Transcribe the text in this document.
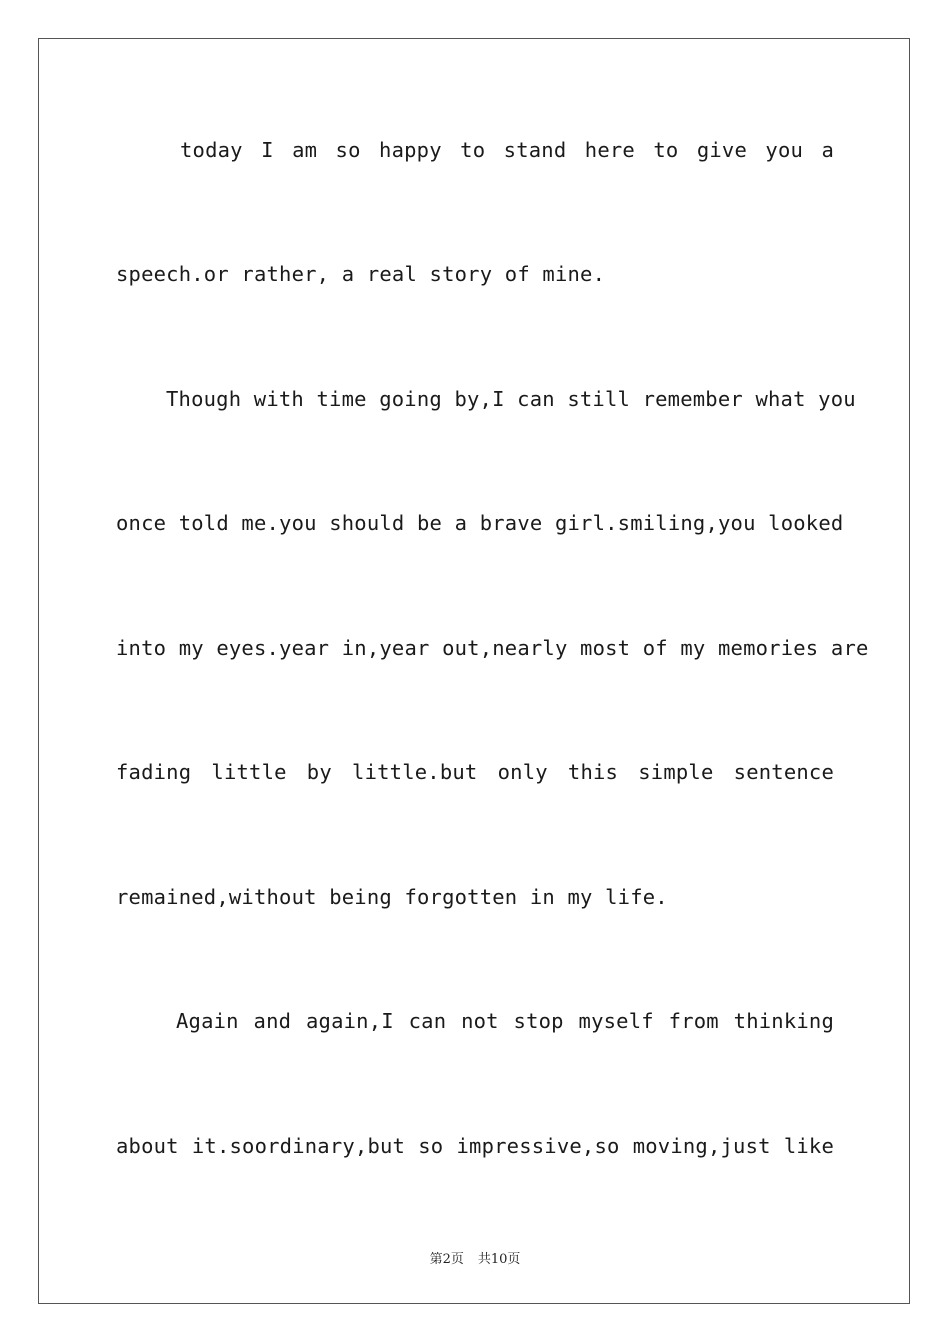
today I am so happy to stand here to give you a
speech.or rather, a real story of mine.
Though with time going by,I can still remember what you
once told me.you should be a brave girl.smiling,you looked
into my eyes.year in,year out,nearly most of my memories are
fading little by little.but only this simple sentence
remained,without being forgotten in my life.
Again and again,I can not stop myself from thinking
about it.soordinary,but so impressive,so moving,just like
第2页 共10页
